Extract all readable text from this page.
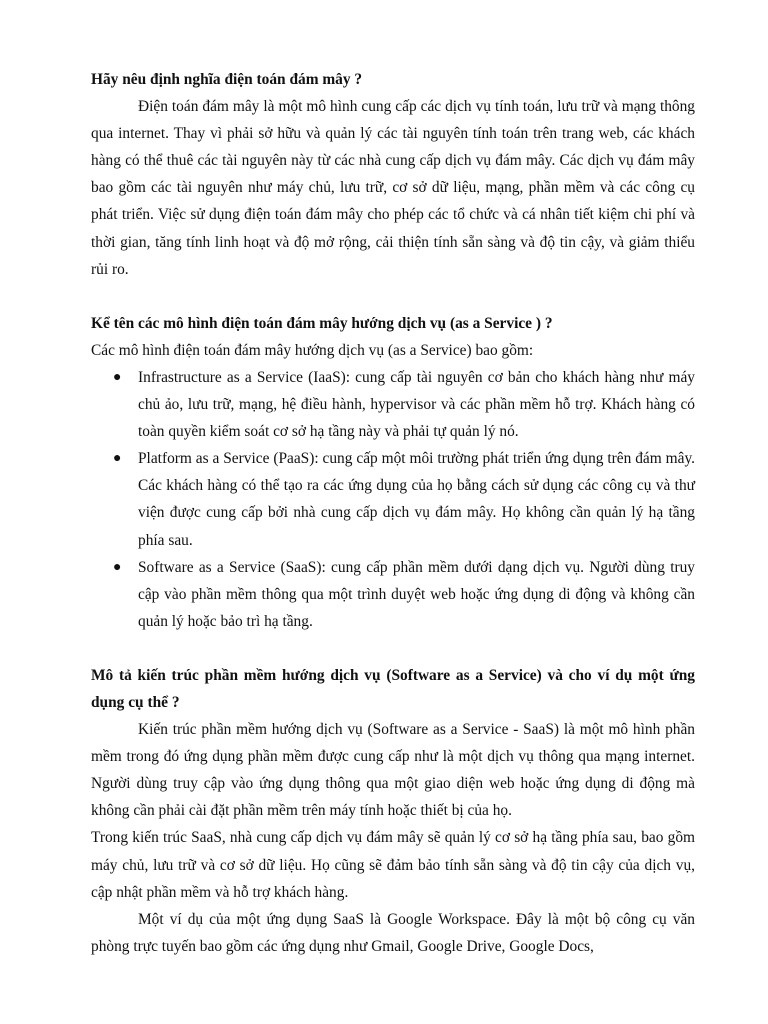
Hãy nêu định nghĩa điện toán đám mây ?

Điện toán đám mây là một mô hình cung cấp các dịch vụ tính toán, lưu trữ và mạng thông qua internet. Thay vì phải sở hữu và quản lý các tài nguyên tính toán trên trang web, các khách hàng có thể thuê các tài nguyên này từ các nhà cung cấp dịch vụ đám mây. Các dịch vụ đám mây bao gồm các tài nguyên như máy chủ, lưu trữ, cơ sở dữ liệu, mạng, phần mềm và các công cụ phát triển. Việc sử dụng điện toán đám mây cho phép các tổ chức và cá nhân tiết kiệm chi phí và thời gian, tăng tính linh hoạt và độ mở rộng, cải thiện tính sẵn sàng và độ tin cậy, và giảm thiểu rủi ro.

Kể tên các mô hình điện toán đám mây hướng dịch vụ (as a Service ) ?

Các mô hình điện toán đám mây hướng dịch vụ (as a Service) bao gồm:

● Infrastructure as a Service (IaaS): cung cấp tài nguyên cơ bản cho khách hàng như máy chủ ảo, lưu trữ, mạng, hệ điều hành, hypervisor và các phần mềm hỗ trợ. Khách hàng có toàn quyền kiểm soát cơ sở hạ tầng này và phải tự quản lý nó.
● Platform as a Service (PaaS): cung cấp một môi trường phát triển ứng dụng trên đám mây. Các khách hàng có thể tạo ra các ứng dụng của họ bằng cách sử dụng các công cụ và thư viện được cung cấp bởi nhà cung cấp dịch vụ đám mây. Họ không cần quản lý hạ tầng phía sau.
● Software as a Service (SaaS): cung cấp phần mềm dưới dạng dịch vụ. Người dùng truy cập vào phần mềm thông qua một trình duyệt web hoặc ứng dụng di động và không cần quản lý hoặc bảo trì hạ tầng.

Mô tả kiến trúc phần mềm hướng dịch vụ (Software as a Service) và cho ví dụ một ứng dụng cụ thể ?

Kiến trúc phần mềm hướng dịch vụ (Software as a Service - SaaS) là một mô hình phần mềm trong đó ứng dụng phần mềm được cung cấp như là một dịch vụ thông qua mạng internet. Người dùng truy cập vào ứng dụng thông qua một giao diện web hoặc ứng dụng di động mà không cần phải cài đặt phần mềm trên máy tính hoặc thiết bị của họ.

Trong kiến trúc SaaS, nhà cung cấp dịch vụ đám mây sẽ quản lý cơ sở hạ tầng phía sau, bao gồm máy chủ, lưu trữ và cơ sở dữ liệu. Họ cũng sẽ đảm bảo tính sẵn sàng và độ tin cậy của dịch vụ, cập nhật phần mềm và hỗ trợ khách hàng.

Một ví dụ của một ứng dụng SaaS là Google Workspace. Đây là một bộ công cụ văn phòng trực tuyến bao gồm các ứng dụng như Gmail, Google Drive, Google Docs,
